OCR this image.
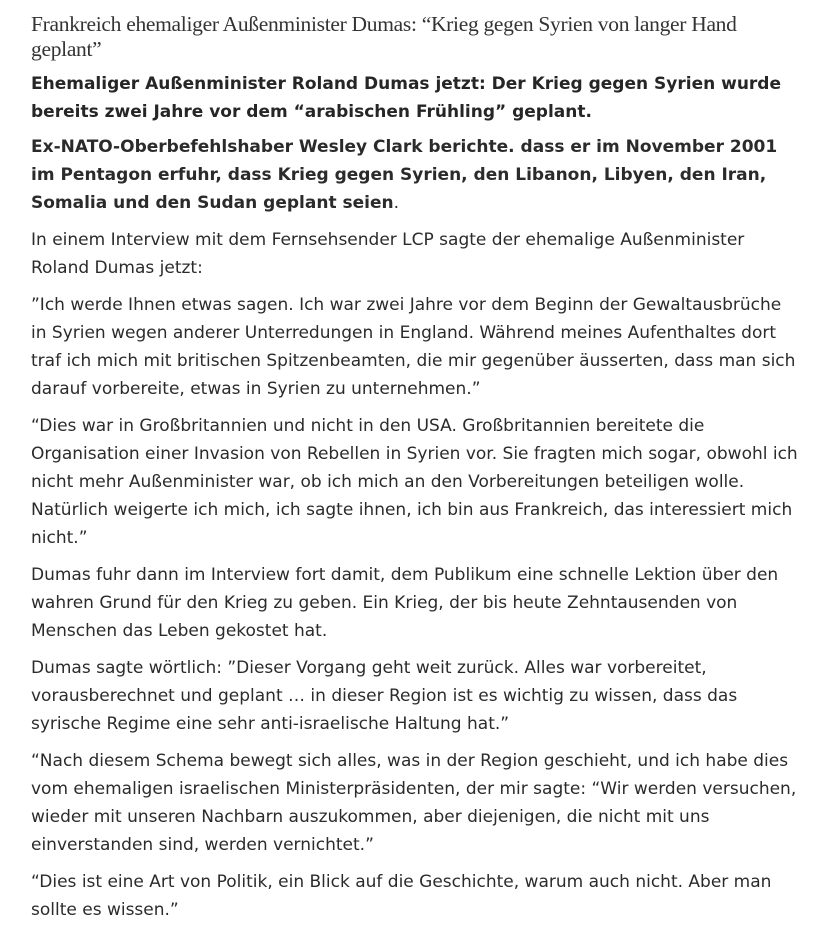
Frankreich ehemaliger Außenminister Dumas: “Krieg gegen Syrien von langer Hand geplant”

Ehemaliger Außenminister Roland Dumas jetzt: Der Krieg gegen Syrien wurde bereits zwei Jahre vor dem “arabischen Frühling” geplant.

Ex-NATO-Oberbefehlshaber Wesley Clark berichte. dass er im November 2001 im Pentagon erfuhr, dass Krieg gegen Syrien, den Libanon, Libyen, den Iran, Somalia und den Sudan geplant seien.

In einem Interview mit dem Fernsehsender LCP sagte der ehemalige Außenminister Roland Dumas jetzt:

”Ich werde Ihnen etwas sagen. Ich war zwei Jahre vor dem Beginn der Gewaltausbrüche in Syrien wegen anderer Unterredungen in England. Während meines Aufenthaltes dort traf ich mich mit britischen Spitzenbeamten, die mir gegenüber äusserten, dass man sich darauf vorbereite, etwas in Syrien zu unternehmen.”

“Dies war in Großbritannien und nicht in den USA. Großbritannien bereitete die Organisation einer Invasion von Rebellen in Syrien vor. Sie fragten mich sogar, obwohl ich nicht mehr Außenminister war, ob ich mich an den Vorbereitungen beteiligen wolle. Natürlich weigerte ich mich, ich sagte ihnen, ich bin aus Frankreich, das interessiert mich nicht.”

Dumas fuhr dann im Interview fort damit, dem Publikum eine schnelle Lektion über den wahren Grund für den Krieg zu geben. Ein Krieg, der bis heute Zehntausenden von Menschen das Leben gekostet hat.

Dumas sagte wörtlich: ”Dieser Vorgang geht weit zurück. Alles war vorbereitet, vorausberechnet und geplant … in dieser Region ist es wichtig zu wissen, dass das syrische Regime eine sehr anti-israelische Haltung hat.”

“Nach diesem Schema bewegt sich alles, was in der Region geschieht, und ich habe dies vom ehemaligen israelischen Ministerpräsidenten, der mir sagte: “Wir werden versuchen, wieder mit unseren Nachbarn auszukommen, aber diejenigen, die nicht mit uns einverstanden sind, werden vernichtet.”

“Dies ist eine Art von Politik, ein Blick auf die Geschichte, warum auch nicht. Aber man sollte es wissen.”
